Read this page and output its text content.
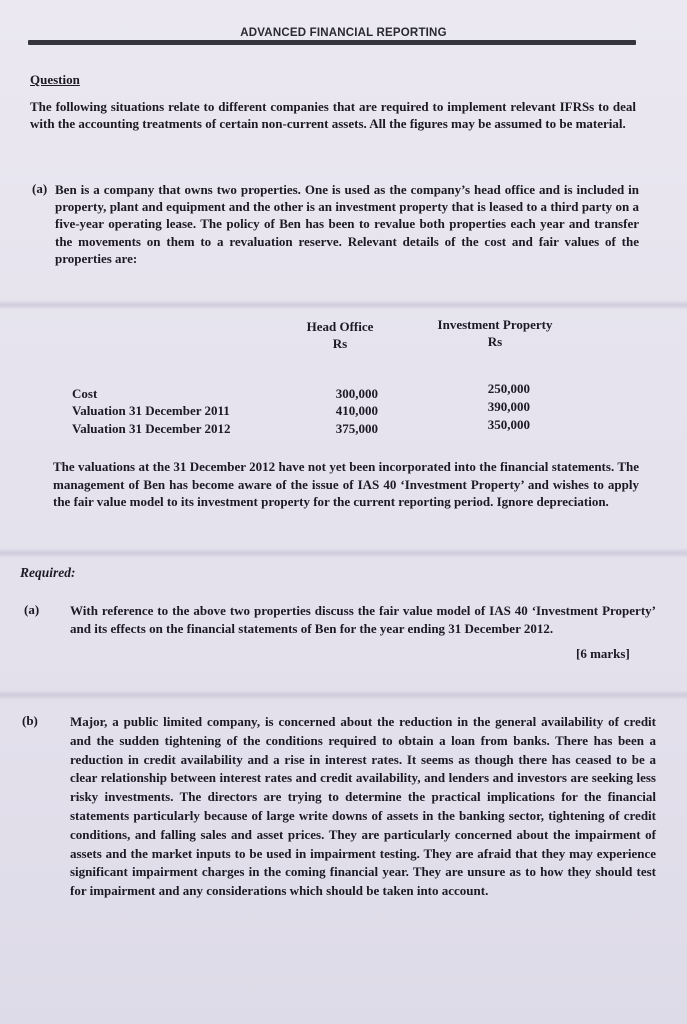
ADVANCED FINANCIAL REPORTING
Question
The following situations relate to different companies that are required to implement relevant IFRSs to deal with the accounting treatments of certain non-current assets. All the figures may be assumed to be material.
(a) Ben is a company that owns two properties. One is used as the company’s head office and is included in property, plant and equipment and the other is an investment property that is leased to a third party on a five-year operating lease. The policy of Ben has been to revalue both properties each year and transfer the movements on them to a revaluation reserve. Relevant details of the cost and fair values of the properties are:
Head Office
Rs
Investment Property
Rs
Cost	300,000	250,000
Valuation 31 December 2011	410,000	390,000
Valuation 31 December 2012	375,000	350,000
The valuations at the 31 December 2012 have not yet been incorporated into the financial statements. The management of Ben has become aware of the issue of IAS 40 ‘Investment Property’ and wishes to apply the fair value model to its investment property for the current reporting period. Ignore depreciation.
Required:
(a) With reference to the above two properties discuss the fair value model of IAS 40 ‘Investment Property’ and its effects on the financial statements of Ben for the year ending 31 December 2012.
[6 marks]
(b) Major, a public limited company, is concerned about the reduction in the general availability of credit and the sudden tightening of the conditions required to obtain a loan from banks. There has been a reduction in credit availability and a rise in interest rates. It seems as though there has ceased to be a clear relationship between interest rates and credit availability, and lenders and investors are seeking less risky investments. The directors are trying to determine the practical implications for the financial statements particularly because of large write downs of assets in the banking sector, tightening of credit conditions, and falling sales and asset prices. They are particularly concerned about the impairment of assets and the market inputs to be used in impairment testing. They are afraid that they may experience significant impairment charges in the coming financial year. They are unsure as to how they should test for impairment and any considerations which should be taken into account.
